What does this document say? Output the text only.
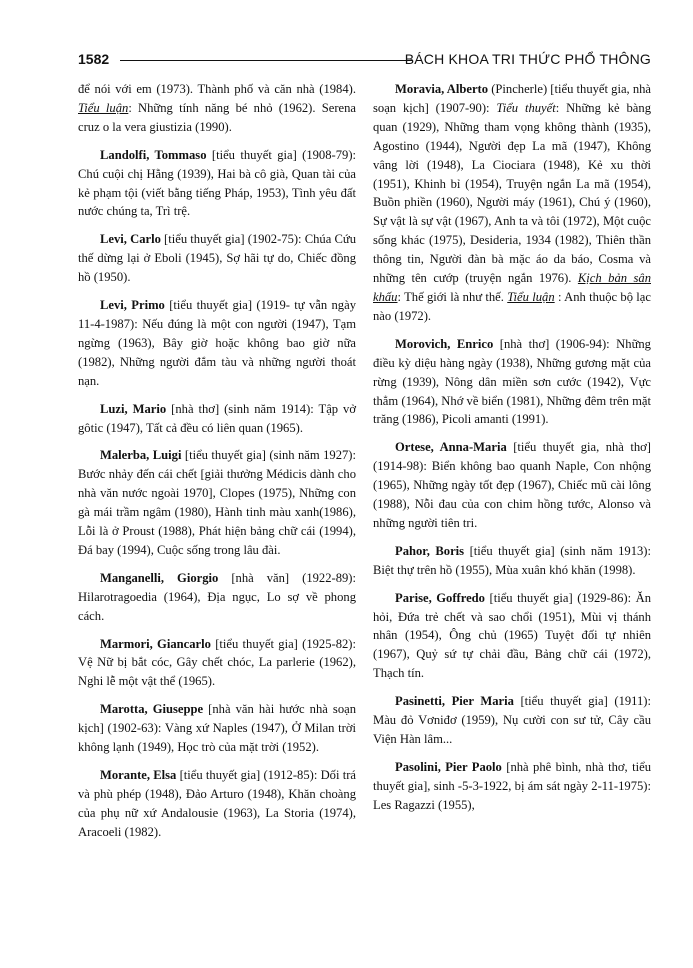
1582	BÁCH KHOA TRI THỨC PHỔ THÔNG

để nói với em (1973). Thành phố và căn nhà (1984). Tiểu luận: Những tính năng bé nhỏ (1962). Serena cruz o la vera giustizia (1990).

Landolfi, Tommaso [tiểu thuyết gia] (1908-79): Chú cuội chị Hằng (1939), Hai bà cô già, Quan tài của kẻ phạm tội (viết bằng tiếng Pháp, 1953), Tình yêu đất nước chúng ta, Trì trệ.

Levi, Carlo [tiểu thuyết gia] (1902-75): Chúa Cứu thế dừng lại ở Eboli (1945), Sợ hãi tự do, Chiếc đồng hồ (1950).

Levi, Primo [tiểu thuyết gia] (1919- tự vẫn ngày 11-4-1987): Nếu đúng là một con người (1947), Tạm ngừng (1963), Bây giờ hoặc không bao giờ nữa (1982), Những người đắm tàu và những người thoát nạn.

Luzi, Mario [nhà thơ] (sinh năm 1914): Tập vở gôtic (1947), Tất cả đều có liên quan (1965).

Malerba, Luigi [tiểu thuyết gia] (sinh năm 1927): Bước nhảy đến cái chết [giải thưởng Médicis dành cho nhà văn nước ngoài 1970], Clopes (1975), Những con gà mái trầm ngâm (1980), Hành tinh màu xanh(1986), Lỗi là ở Proust (1988), Phát hiện bảng chữ cái (1994), Đá bay (1994), Cuộc sống trong lâu đài.

Manganelli, Giorgio [nhà văn] (1922-89): Hilarotragoedia (1964), Địa ngục, Lo sợ về phong cách.

Marmori, Giancarlo [tiểu thuyết gia] (1925-82): Vệ Nữ bị bắt cóc, Gây chết chóc, La parlerie (1962), Nghi lễ một vật thể (1965).

Marotta, Giuseppe [nhà văn hài hước nhà soạn kịch] (1902-63): Vàng xứ Naples (1947), Ở Milan trời không lạnh (1949), Học trò của mặt trời (1952).

Morante, Elsa [tiểu thuyết gia] (1912-85): Dối trá và phù phép (1948), Đảo Arturo (1948), Khăn choàng của phụ nữ xứ Andalousie (1963), La Storia (1974), Aracoeli (1982).

Moravia, Alberto (Pincherle) [tiểu thuyết gia, nhà soạn kịch] (1907-90): Tiểu thuyết: Những kẻ bàng quan (1929), Những tham vọng không thành (1935), Agostino (1944), Người đẹp La mã (1947), Không vâng lời (1948), La Ciociara (1948), Kẻ xu thời (1951), Khinh bỉ (1954), Truyện ngắn La mã (1954), Buồn phiền (1960), Người máy (1961), Chú ý (1960), Sự vật là sự vật (1967), Anh ta và tôi (1972), Một cuộc sống khác (1975), Desideria, 1934 (1982), Thiên thần thông tin, Người đàn bà mặc áo da báo, Cosma và những tên cướp (truyện ngắn 1976). Kịch bản sân khấu: Thế giới là như thế. Tiểu luận : Anh thuộc bộ lạc nào (1972).

Morovich, Enrico [nhà thơ] (1906-94): Những điều kỳ diệu hàng ngày (1938), Những gương mặt của rừng (1939), Nông dân miền sơn cước (1942), Vực thẳm (1964), Nhớ về biển (1981), Những đêm trên mặt trăng (1986), Picoli amanti (1991).

Ortese, Anna-Maria [tiểu thuyết gia, nhà thơ] (1914-98): Biển không bao quanh Naple, Con nhộng (1965), Những ngày tốt đẹp (1967), Chiếc mũ cài lông (1988), Nỗi đau của con chim hồng tước, Alonso và những người tiên tri.

Pahor, Boris [tiểu thuyết gia] (sinh năm 1913): Biệt thự trên hồ (1955), Mùa xuân khó khăn (1998).

Parise, Goffredo [tiểu thuyết gia] (1929-86): Ăn hỏi, Đứa trẻ chết và sao chổi (1951), Mùi vị thánh nhân (1954), Ông chủ (1965) Tuyệt đối tự nhiên (1967), Quỷ sứ tự chải đầu, Bảng chữ cái (1972), Thạch tín.

Pasinetti, Pier Maria [tiểu thuyết gia] (1911): Màu đỏ Vơniđơ (1959), Nụ cười con sư tử, Cây cầu Viện Hàn lâm...

Pasolini, Pier Paolo [nhà phê bình, nhà thơ, tiểu thuyết gia], sinh -5-3-1922, bị ám sát ngày 2-11-1975): Les Ragazzi (1955),
